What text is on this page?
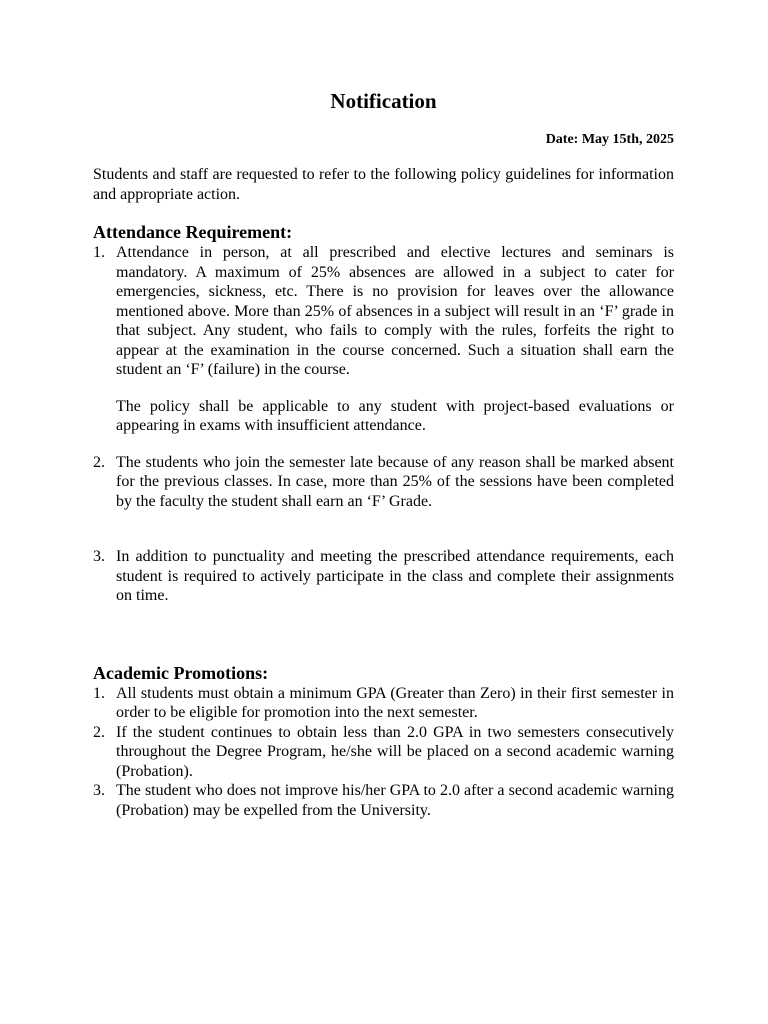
Notification
Date: May 15th, 2025

Students and staff are requested to refer to the following policy guidelines for information and appropriate action.

Attendance Requirement:
1. Attendance in person, at all prescribed and elective lectures and seminars is mandatory. A maximum of 25% absences are allowed in a subject to cater for emergencies, sickness, etc. There is no provision for leaves over the allowance mentioned above. More than 25% of absences in a subject will result in an ‘F’ grade in that subject. Any student, who fails to comply with the rules, forfeits the right to appear at the examination in the course concerned. Such a situation shall earn the student an ‘F’ (failure) in the course.

The policy shall be applicable to any student with project-based evaluations or appearing in exams with insufficient attendance.

2. The students who join the semester late because of any reason shall be marked absent for the previous classes. In case, more than 25% of the sessions have been completed by the faculty the student shall earn an ‘F’ Grade.

3. In addition to punctuality and meeting the prescribed attendance requirements, each student is required to actively participate in the class and complete their assignments on time.

Academic Promotions:
1. All students must obtain a minimum GPA (Greater than Zero) in their first semester in order to be eligible for promotion into the next semester.

2. If the student continues to obtain less than 2.0 GPA in two semesters consecutively throughout the Degree Program, he/she will be placed on a second academic warning (Probation).

3. The student who does not improve his/her GPA to 2.0 after a second academic warning (Probation) may be expelled from the University.
